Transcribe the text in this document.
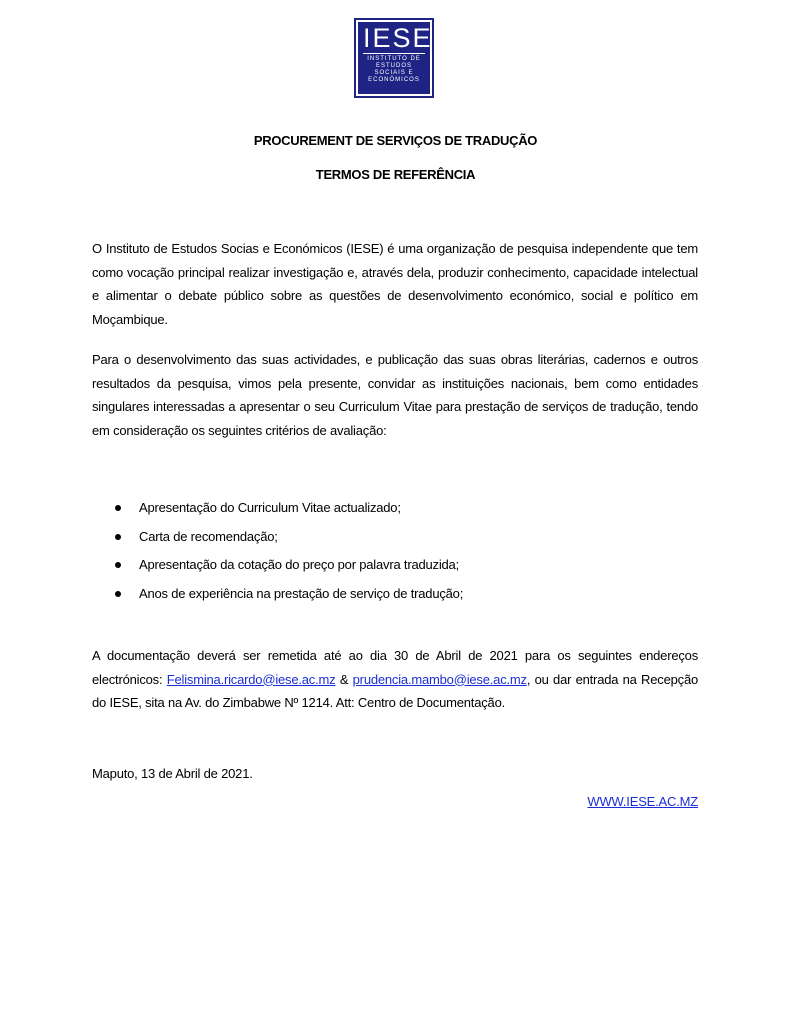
IESE
INSTITUTO DE
ESTUDOS
SOCIAIS E
ECONÓMICOS
PROCUREMENT DE SERVIÇOS DE TRADUÇÃO
TERMOS DE REFERÊNCIA

O Instituto de Estudos Socias e Económicos (IESE) é uma organização de pesquisa independente que tem como vocação principal realizar investigação e, através dela, produzir conhecimento, capacidade intelectual e alimentar o debate público sobre as questões de desenvolvimento económico, social e político em Moçambique.

Para o desenvolvimento das suas actividades, e publicação das suas obras literárias, cadernos e outros resultados da pesquisa, vimos pela presente, convidar as instituições nacionais, bem como entidades singulares interessadas a apresentar o seu Curriculum Vitae para prestação de serviços de tradução, tendo em consideração os seguintes critérios de avaliação:

Apresentação do Curriculum Vitae actualizado;
Carta de recomendação;
Apresentação da cotação do preço por palavra traduzida;
Anos de experiência na prestação de serviço de tradução;

A documentação deverá ser remetida até ao dia 30 de Abril de 2021 para os seguintes endereços electrónicos: Felismina.ricardo@iese.ac.mz & prudencia.mambo@iese.ac.mz, ou dar entrada na Recepção do IESE, sita na Av. do Zimbabwe Nº 1214. Att: Centro de Documentação.

Maputo, 13 de Abril de 2021.

WWW.IESE.AC.MZ
